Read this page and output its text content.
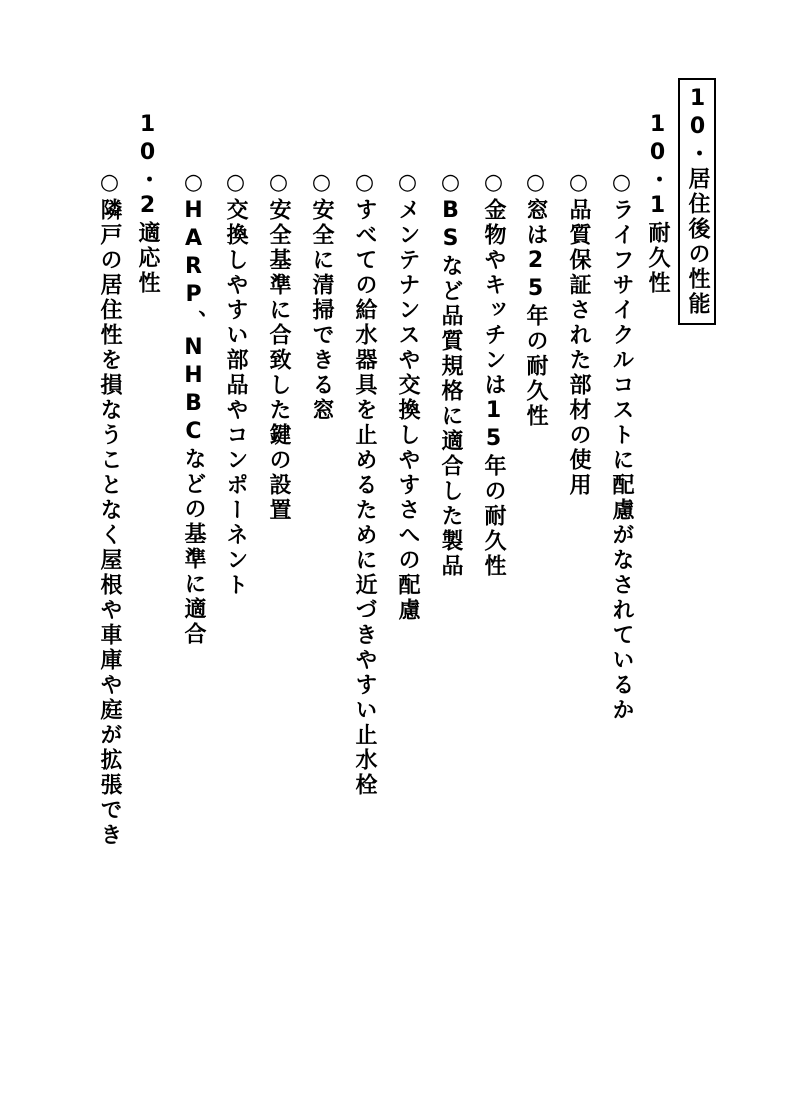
10・居住後の性能
10・1耐久性
○ライフサイクルコストに配慮がなされているか
○品質保証された部材の使用
○窓は25年の耐久性
○金物やキッチンは15年の耐久性
○BSなど品質規格に適合した製品
○メンテナンスや交換しやすさへの配慮
○すべての給水器具を止めるために近づきやすい止水栓
○安全に清掃できる窓
○安全基準に合致した鍵の設置
○交換しやすい部品やコンポーネント
○HARP、NHBCなどの基準に適合
10・2適応性
○隣戸の居住性を損なうことなく屋根や車庫や庭が拡張でき
